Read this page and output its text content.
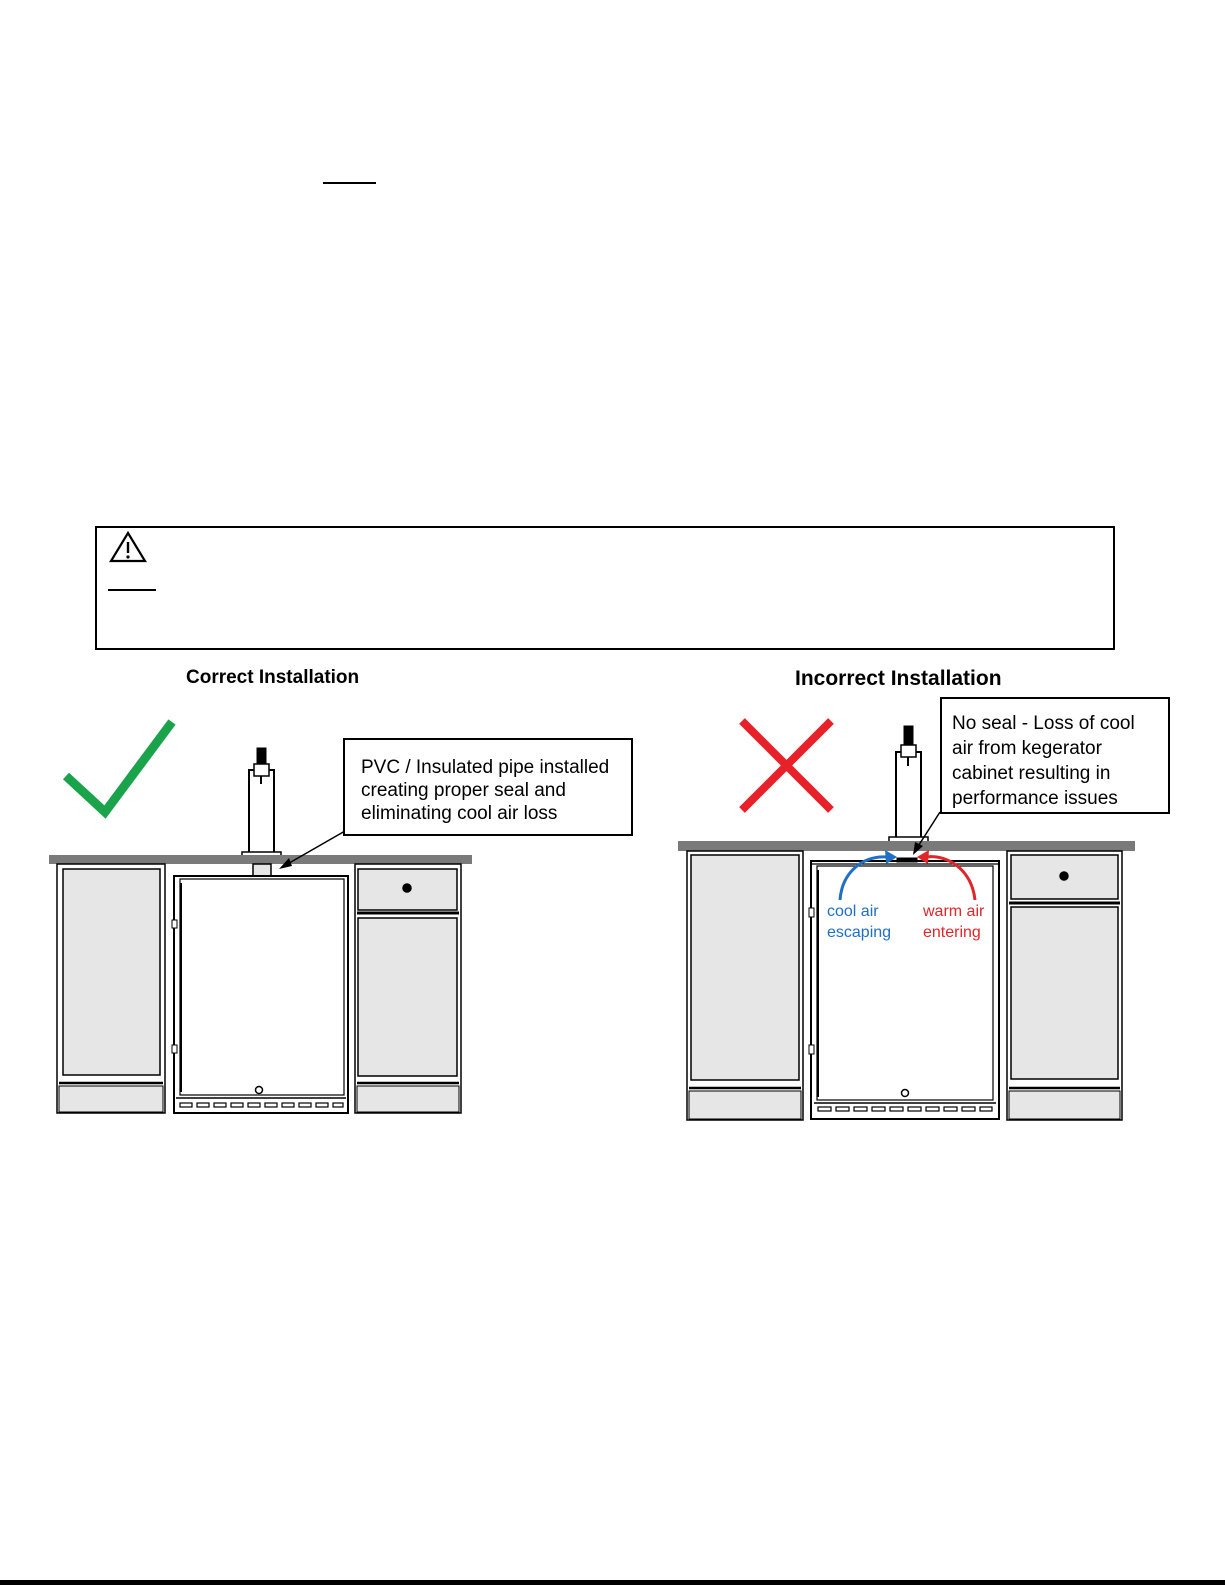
Correct Installation	Incorrect Installation
PVC / Insulated pipe installed
creating proper seal and
eliminating cool air loss
No seal - Loss of cool
air from kegerator
cabinet resulting in
performance issues
cool air
escaping
warm air
entering
